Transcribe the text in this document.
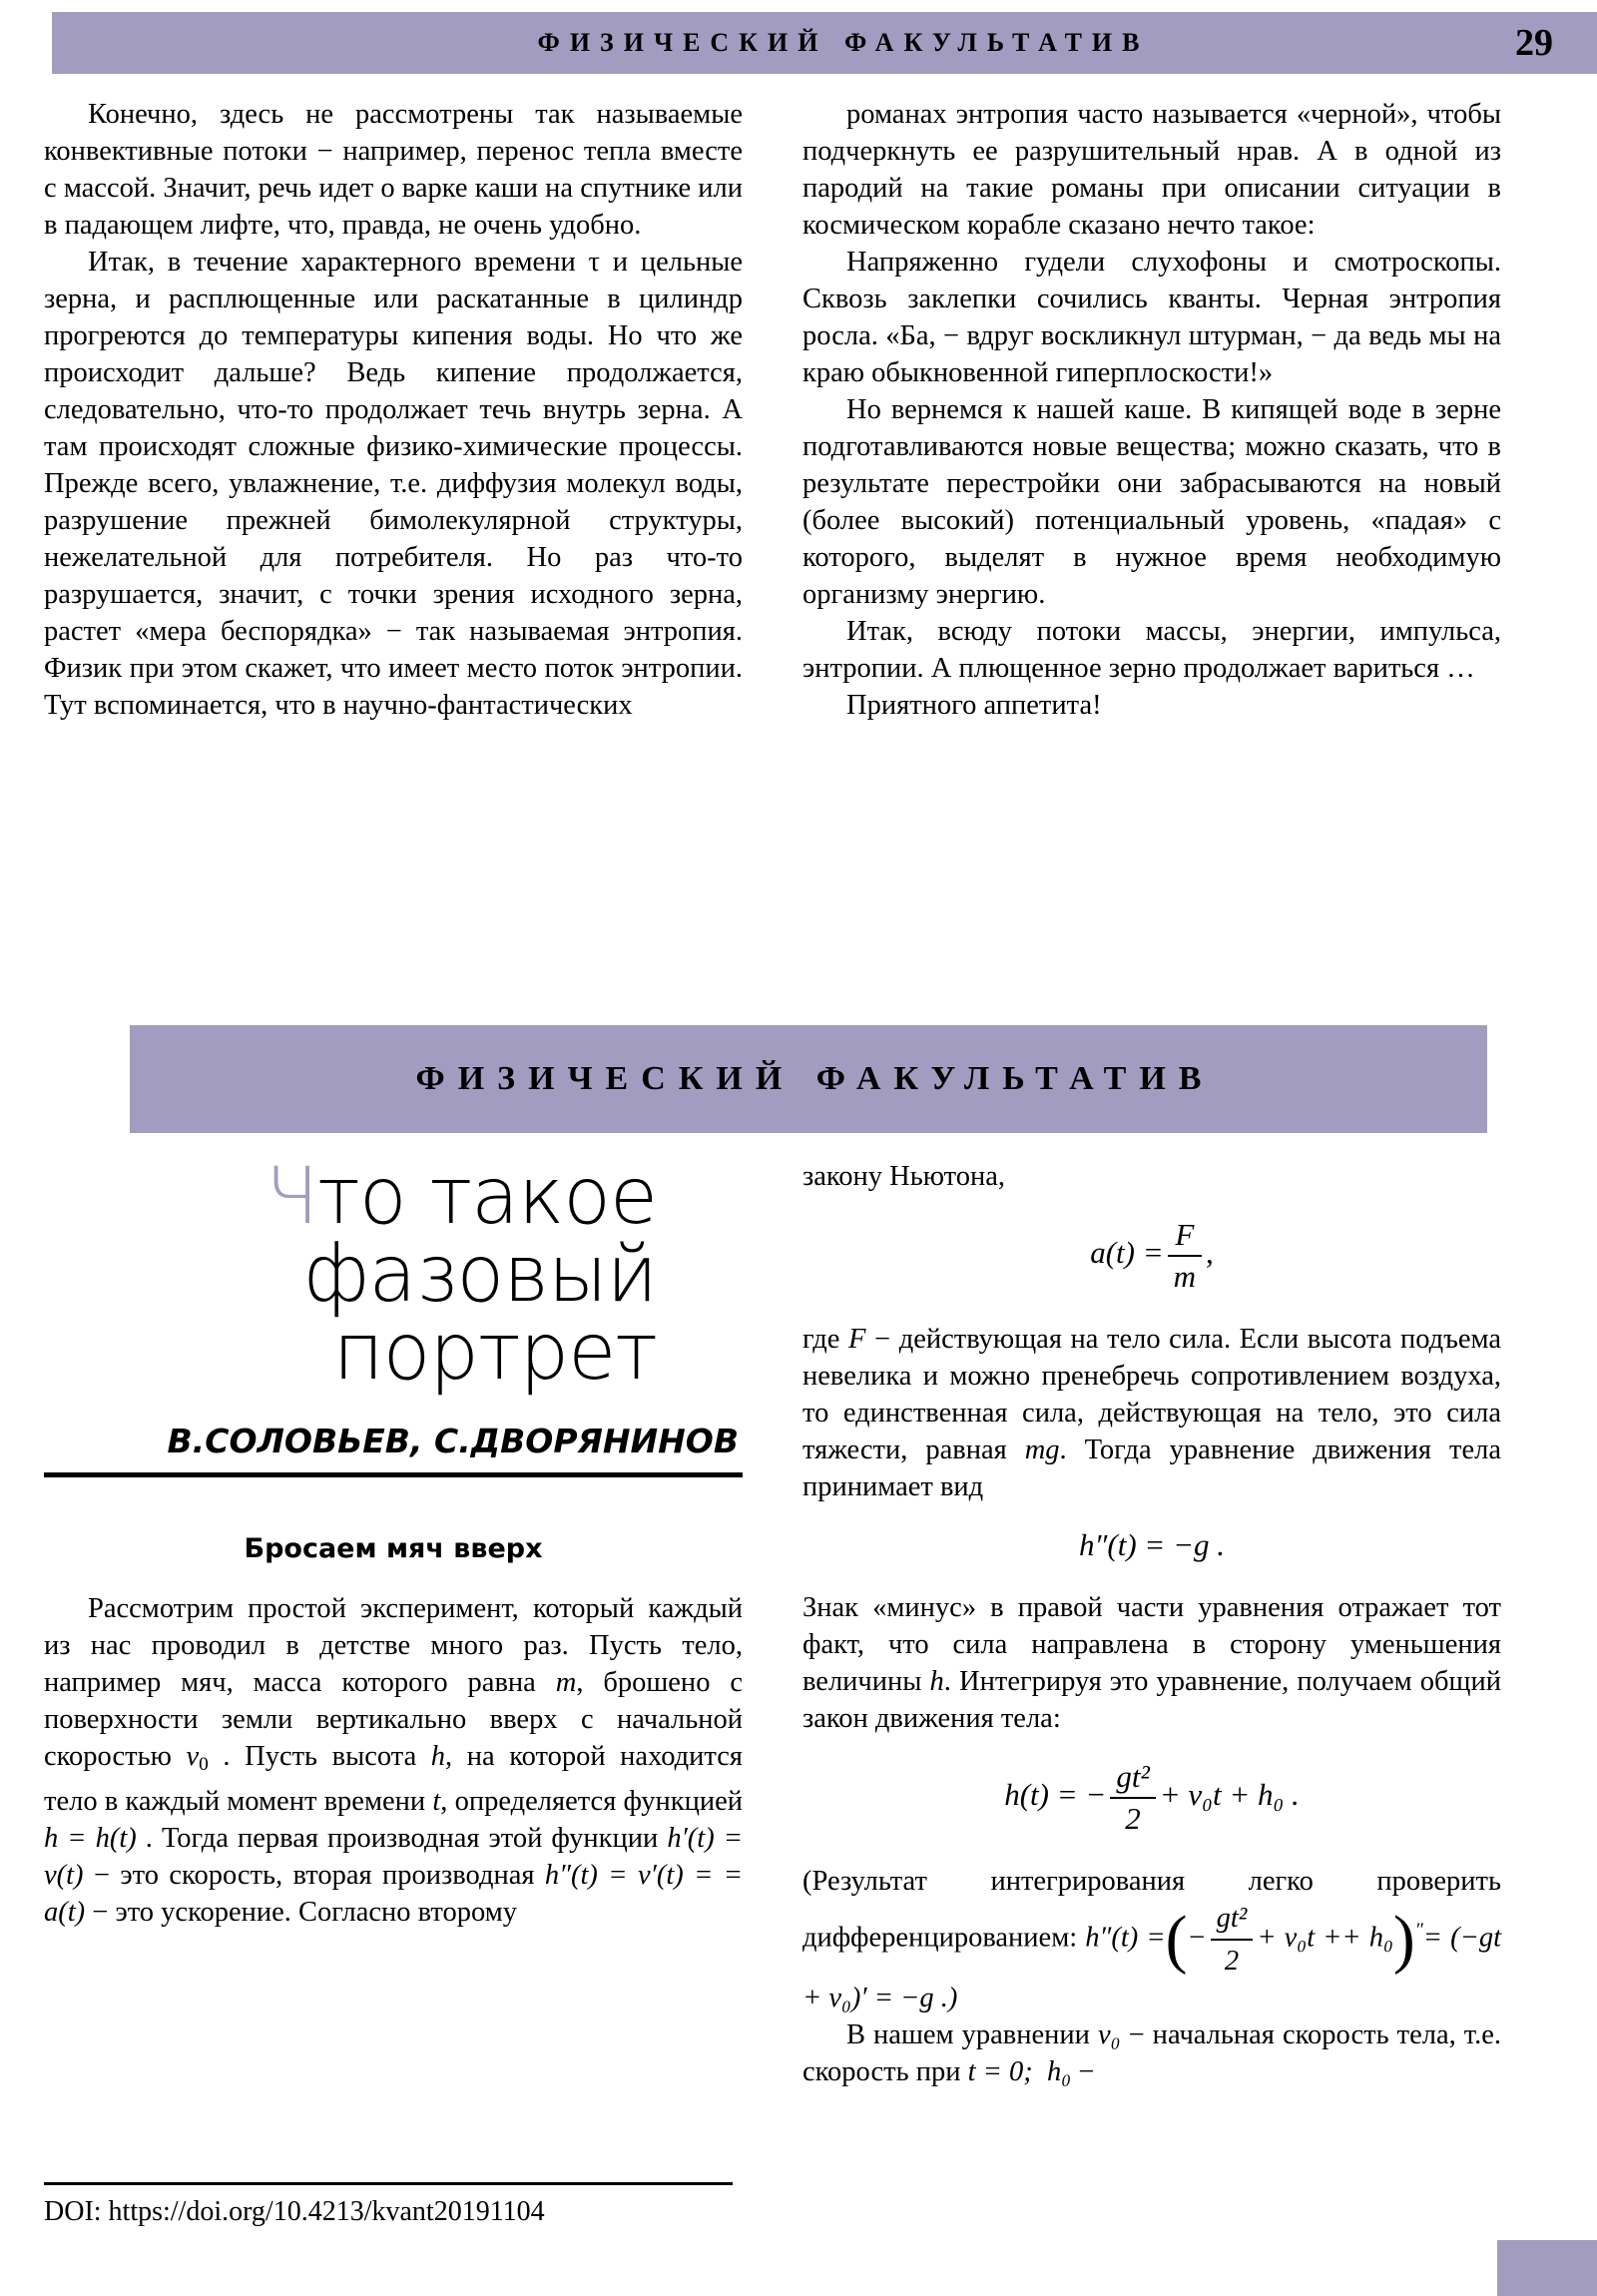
ФИЗИЧЕСКИЙ ФАКУЛЬТАТИВ	29

Конечно, здесь не рассмотрены так называемые конвективные потоки − например, перенос тепла вместе с массой. Значит, речь идет о варке каши на спутнике или в падающем лифте, что, правда, не очень удобно.

Итак, в течение характерного времени τ и цельные зерна, и расплющенные или раскатанные в цилиндр прогреются до температуры кипения воды. Но что же происходит дальше? Ведь кипение продолжается, следовательно, что-то продолжает течь внутрь зерна. А там происходят сложные физико-химические процессы. Прежде всего, увлажнение, т.е. диффузия молекул воды, разрушение прежней бимолекулярной структуры, нежелательной для потребителя. Но раз что-то разрушается, значит, с точки зрения исходного зерна, растет «мера беспорядка» − так называемая энтропия. Физик при этом скажет, что имеет место поток энтропии. Тут вспоминается, что в научно-фантастических

романах энтропия часто называется «черной», чтобы подчеркнуть ее разрушительный нрав. А в одной из пародий на такие романы при описании ситуации в космическом корабле сказано нечто такое:

Напряженно гудели слухофоны и смотроскопы. Сквозь заклепки сочились кванты. Черная энтропия росла. «Ба, − вдруг воскликнул штурман, − да ведь мы на краю обыкновенной гиперплоскости!»

Но вернемся к нашей каше. В кипящей воде в зерне подготавливаются новые вещества; можно сказать, что в результате перестройки они забрасываются на новый (более высокий) потенциальный уровень, «падая» с которого, выделят в нужное время необходимую организму энергию.

Итак, всюду потоки массы, энергии, импульса, энтропии. А плющенное зерно продолжает вариться …

Приятного аппетита!

ФИЗИЧЕСКИЙ ФАКУЛЬТАТИВ
Что такое
фазовый
портрет
В.СОЛОВЬЕВ, С.ДВОРЯНИНОВ
Бросаем мяч вверх

Рассмотрим простой эксперимент, который каждый из нас проводил в детстве много раз. Пусть тело, например мяч, масса которого равна m, брошено с поверхности земли вертикально вверх с начальной скоростью $v_0$ . Пусть высота h, на которой находится тело в каждый момент времени t, определяется функцией h = h(t) . Тогда первая производная этой функции h′(t) = v(t) − это скорость, вторая производная h″(t) = v′(t) = = a(t) − это ускорение. Согласно второму

закону Ньютона,

$a(t) = \frac{F}{m}$ ,

где F − действующая на тело сила. Если высота подъема невелика и можно пренебречь сопротивлением воздуха, то единственная сила, действующая на тело, это сила тяжести, равная mg. Тогда уравнение движения тела принимает вид

h″(t) = −g .

Знак «минус» в правой части уравнения отражает тот факт, что сила направлена в сторону уменьшения величины h. Интегрируя это уравнение, получаем общий закон движения тела:

h(t) = − $\frac{\text{gt²}}{2} + v_0t + h_0$ .

(Результат интегрирования легко проверить дифференцированием: h″(t) =(− $\frac{\text{gt²}}{2} + v_0t ++ h_0)''= (-gt + v_0)' = -g$ .)

В нашем уравнении v₀ − начальная скорость тела, т.е. скорость при t = 0; h₀ −

DOI: https://doi.org/10.4213/kvant20191104
